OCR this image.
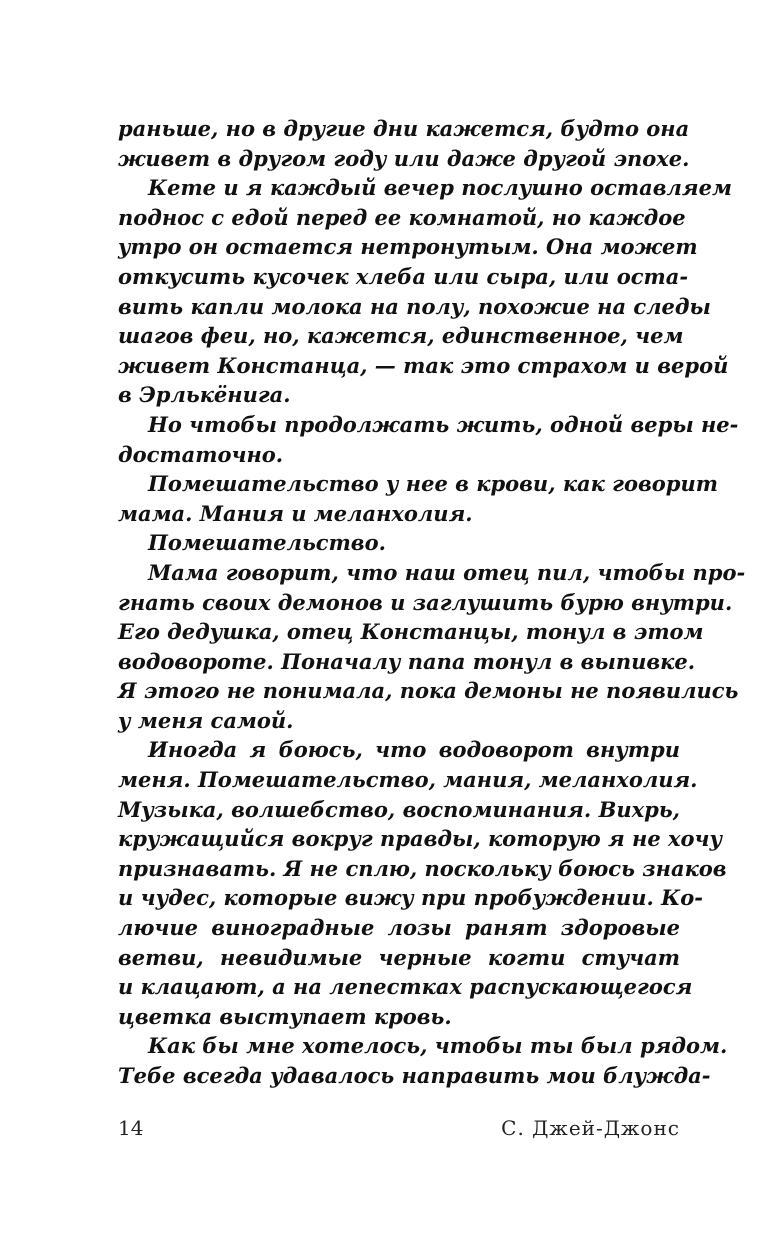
раньше, но в другие дни кажется, будто она
живет в другом году или даже другой эпохе.
Кете и я каждый вечер послушно оставляем
поднос с едой перед ее комнатой, но каждое
утро он остается нетронутым. Она может
откусить кусочек хлеба или сыра, или оста-
вить капли молока на полу, похожие на следы
шагов феи, но, кажется, единственное, чем
живет Констанца, — так это страхом и верой
в Эрлькёнига.
Но чтобы продолжать жить, одной веры не-
достаточно.
Помешательство у нее в крови, как говорит
мама. Мания и меланхолия.
Помешательство.
Мама говорит, что наш отец пил, чтобы про-
гнать своих демонов и заглушить бурю внутри.
Его дедушка, отец Констанцы, тонул в этом
водовороте. Поначалу папа тонул в выпивке.
Я этого не понимала, пока демоны не появились
у меня самой.
Иногда я боюсь, что водоворот внутри
меня. Помешательство, мания, меланхолия.
Музыка, волшебство, воспоминания. Вихрь,
кружащийся вокруг правды, которую я не хочу
признавать. Я не сплю, поскольку боюсь знаков
и чудес, которые вижу при пробуждении. Ко-
лючие виноградные лозы ранят здоровые
ветви, невидимые черные когти стучат
и клацают, а на лепестках распускающегося
цветка выступает кровь.
Как бы мне хотелось, чтобы ты был рядом.
Тебе всегда удавалось направить мои блужда-
14	С. Джей-Джонс
